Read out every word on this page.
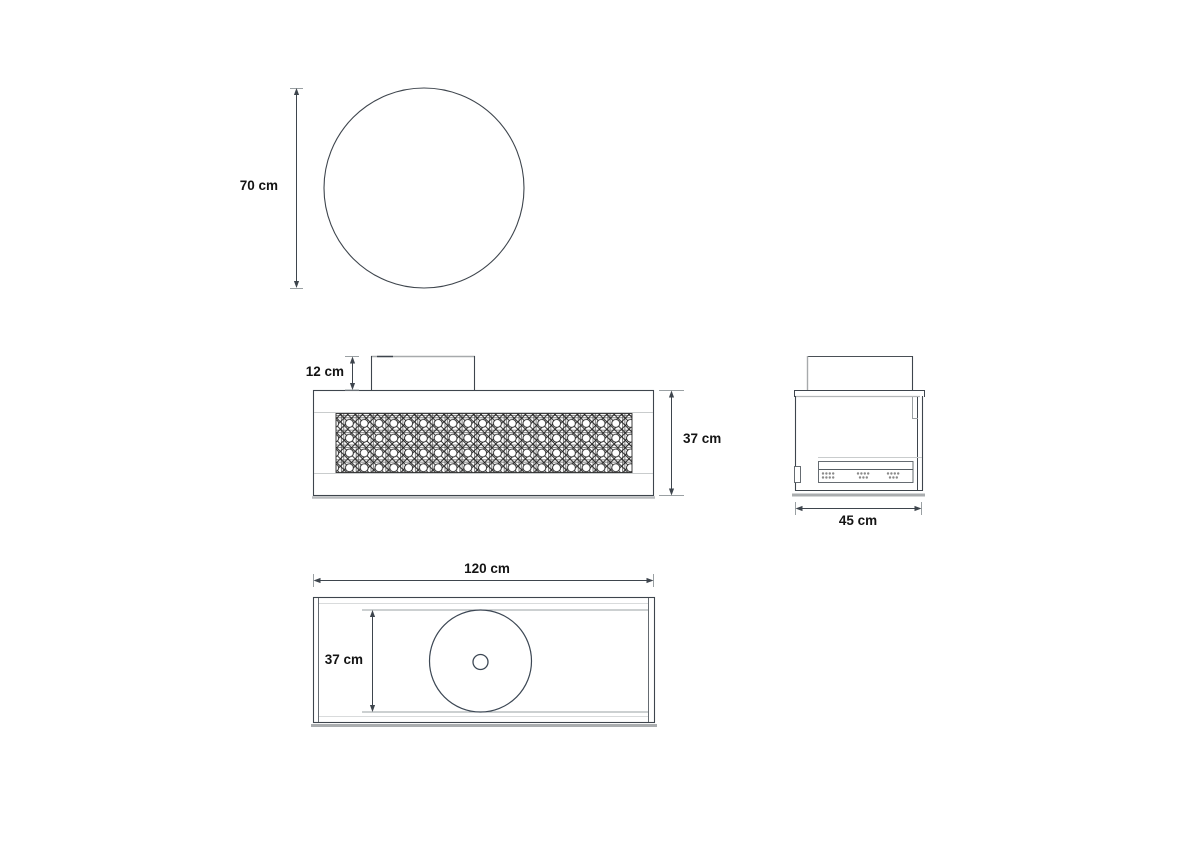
70 cm
12 cm
37 cm
45 cm
120 cm
37 cm
